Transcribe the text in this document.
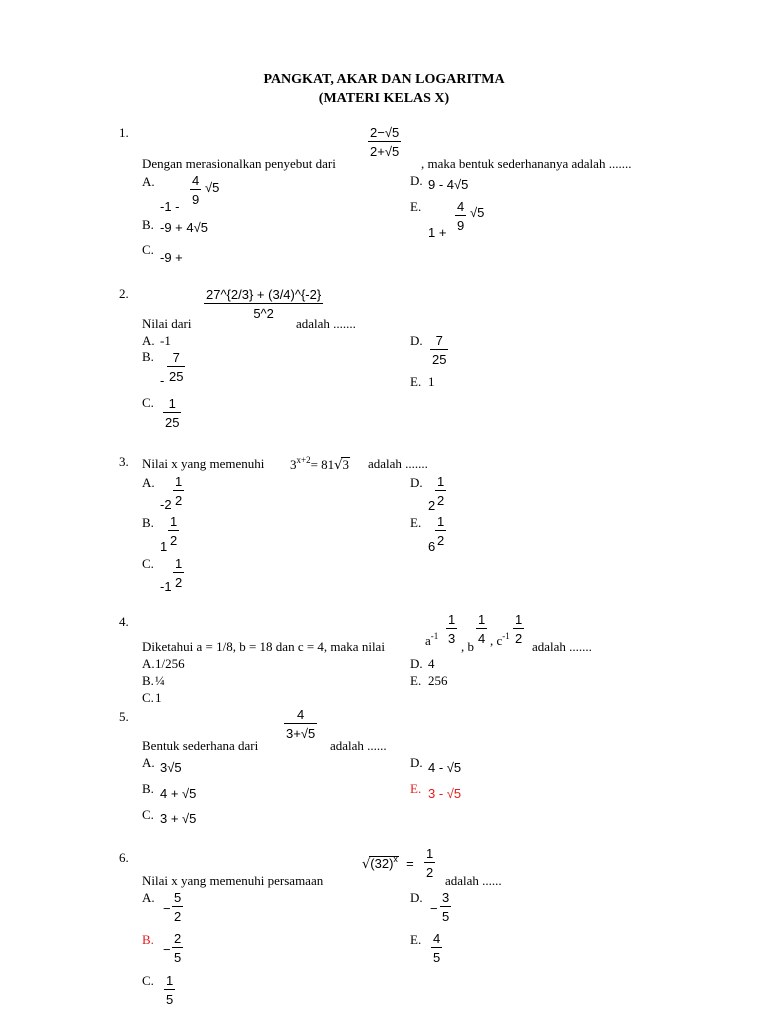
PANGKAT, AKAR DAN LOGARITMA
(MATERI KELAS X)
1.	2−√5
2+√5
Dengan merasionalkan penyebut dari	, maka bentuk sederhananya adalah .......
A.
-1 -
4
9
√5
B. -9 + 4√5
C.
-9 +
D. 9 - 4√5
E.
1 +
4
9
√5
2.	27^{2/3} + (3/4)^{-2}
5^2
Nilai dari	adalah .......
A. -1
B.
-
7
25
C. 1
25
D. 7
25
E. 1
3. Nilai x yang memenuhi $3^{x+2}= 81√3$ adalah .......
A.
-2
1
2
B.
1
1
2
C.
-1
1
2
D.
2
1
2
E.
6
1
2
4.
Diketahui a = 1/8, b = 18 dan c = 4, maka nilai	$a^{-1}$
1
3
, b
1
4 , $c^{-1}$
1
2
adalah .......
A. 1/256
B. ¼
C. 1
D. 4
E. 256
5.	4
3+√5
Bentuk sederhana dari	adalah ......
A. 3√5
B. 4 + √5
C. 3 + √5
D. 4 - √5
E. 3 - √5
6.	$√(32)^x$  =
1
2
Nilai x yang memenuhi persamaan	adalah ......
A.
−
5
2
B.
−
2
5
C. 1
5
D.
−
3
5
E. 4
5
